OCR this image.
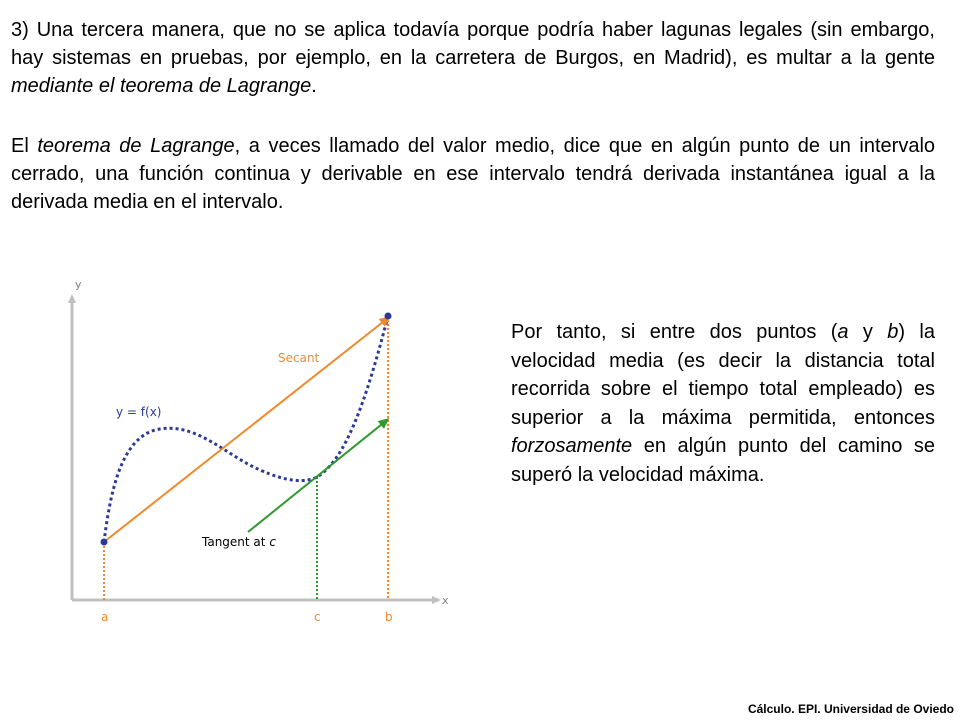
3) Una tercera manera, que no se aplica todavía porque podría haber lagunas legales (sin embargo, hay sistemas en pruebas, por ejemplo, en la carretera de Burgos, en Madrid), es multar a la gente mediante el teorema de Lagrange.

El teorema de Lagrange, a veces llamado del valor medio, dice que en algún punto de un intervalo cerrado, una función continua y derivable en ese intervalo tendrá derivada instantánea igual a la derivada media en el intervalo.

y
x
y = f(x)
Secant
Tangent at c
a	c	b

Por tanto, si entre dos puntos (a y b) la velocidad media (es decir la distancia total recorrida sobre el tiempo total empleado) es superior a la máxima permitida, entonces forzosamente en algún punto del camino se superó la velocidad máxima.

Cálculo. EPI. Universidad de Oviedo
